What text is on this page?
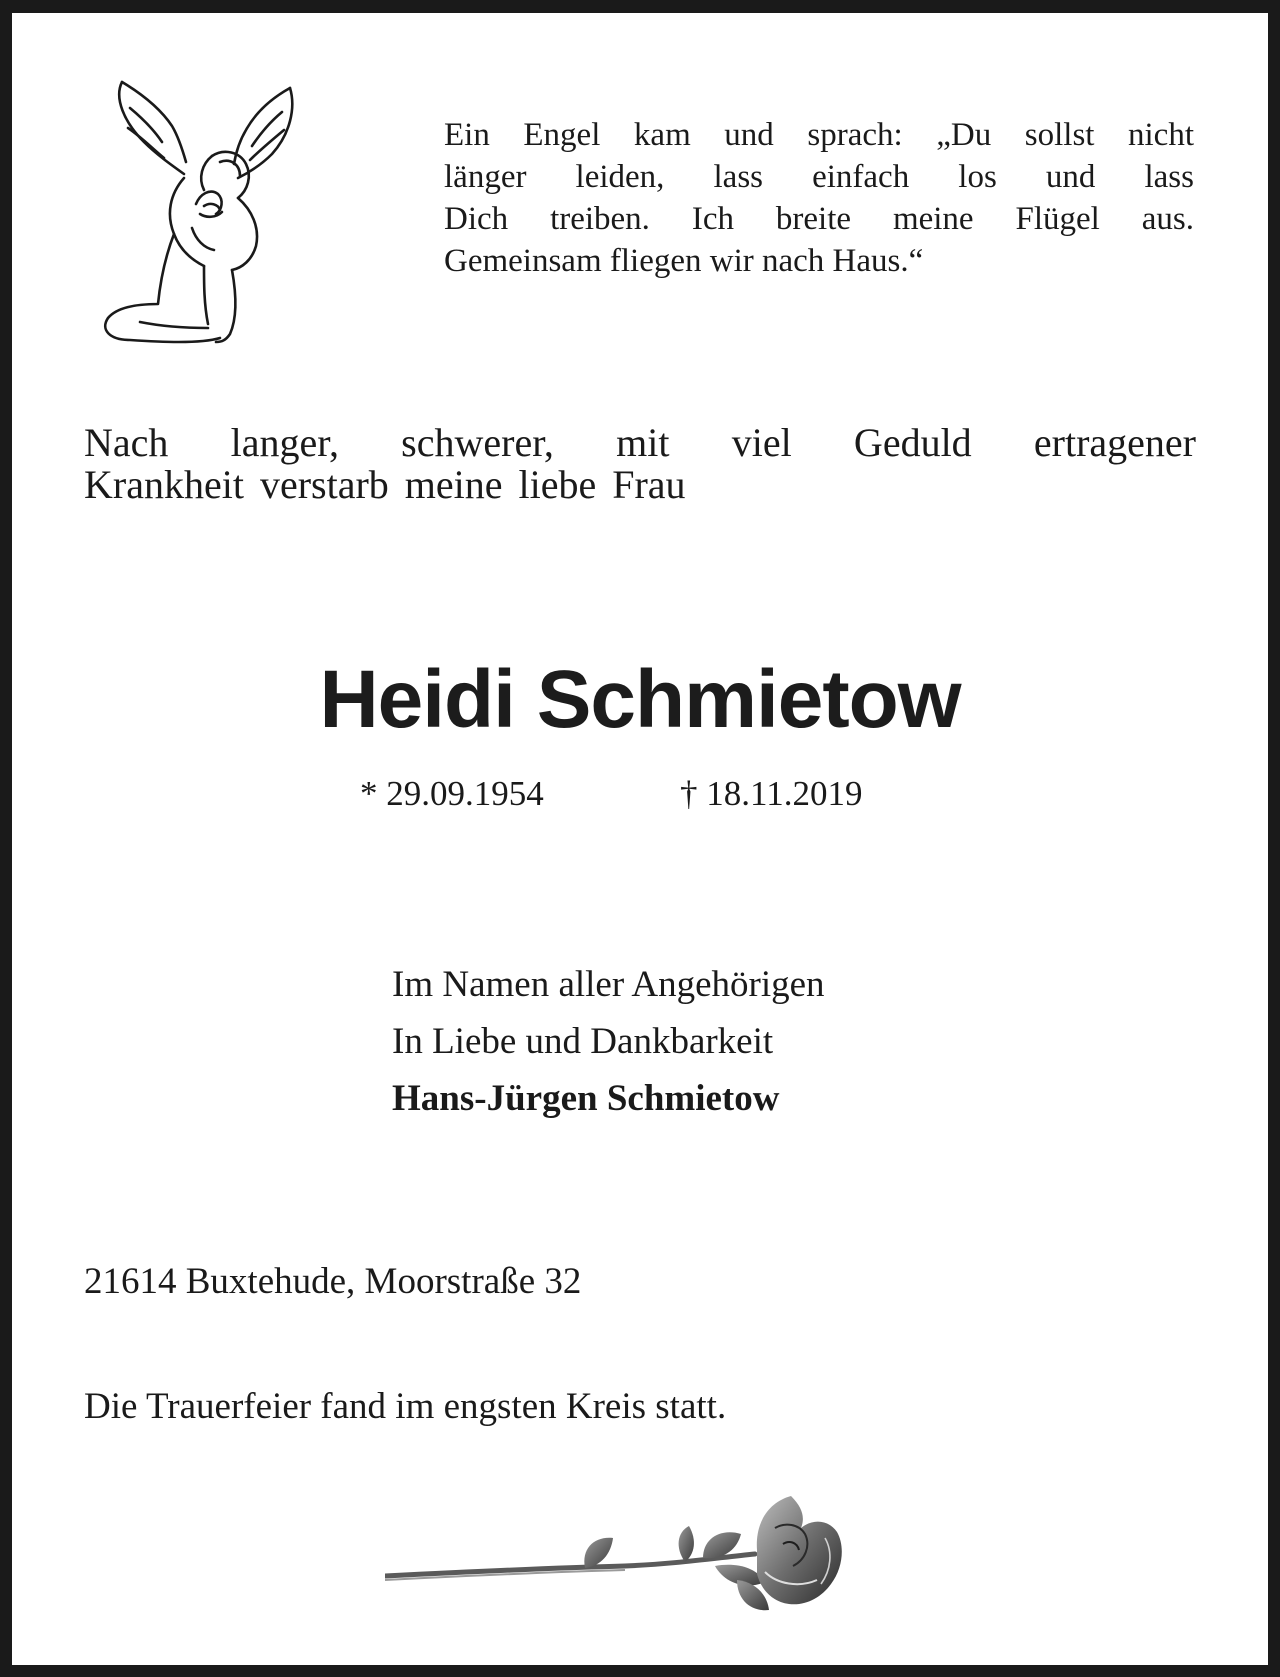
Ein Engel kam und sprach: „Du sollst nicht
länger leiden, lass einfach los und lass
Dich treiben. Ich breite meine Flügel aus.
Gemeinsam fliegen wir nach Haus.“
Nach langer, schwerer, mit viel Geduld ertragener
Krankheit verstarb meine liebe Frau
Heidi Schmietow
* 29.09.1954	† 18.11.2019
Im Namen aller Angehörigen
In Liebe und Dankbarkeit
Hans-Jürgen Schmietow
21614 Buxtehude, Moorstraße 32
Die Trauerfeier fand im engsten Kreis statt.
